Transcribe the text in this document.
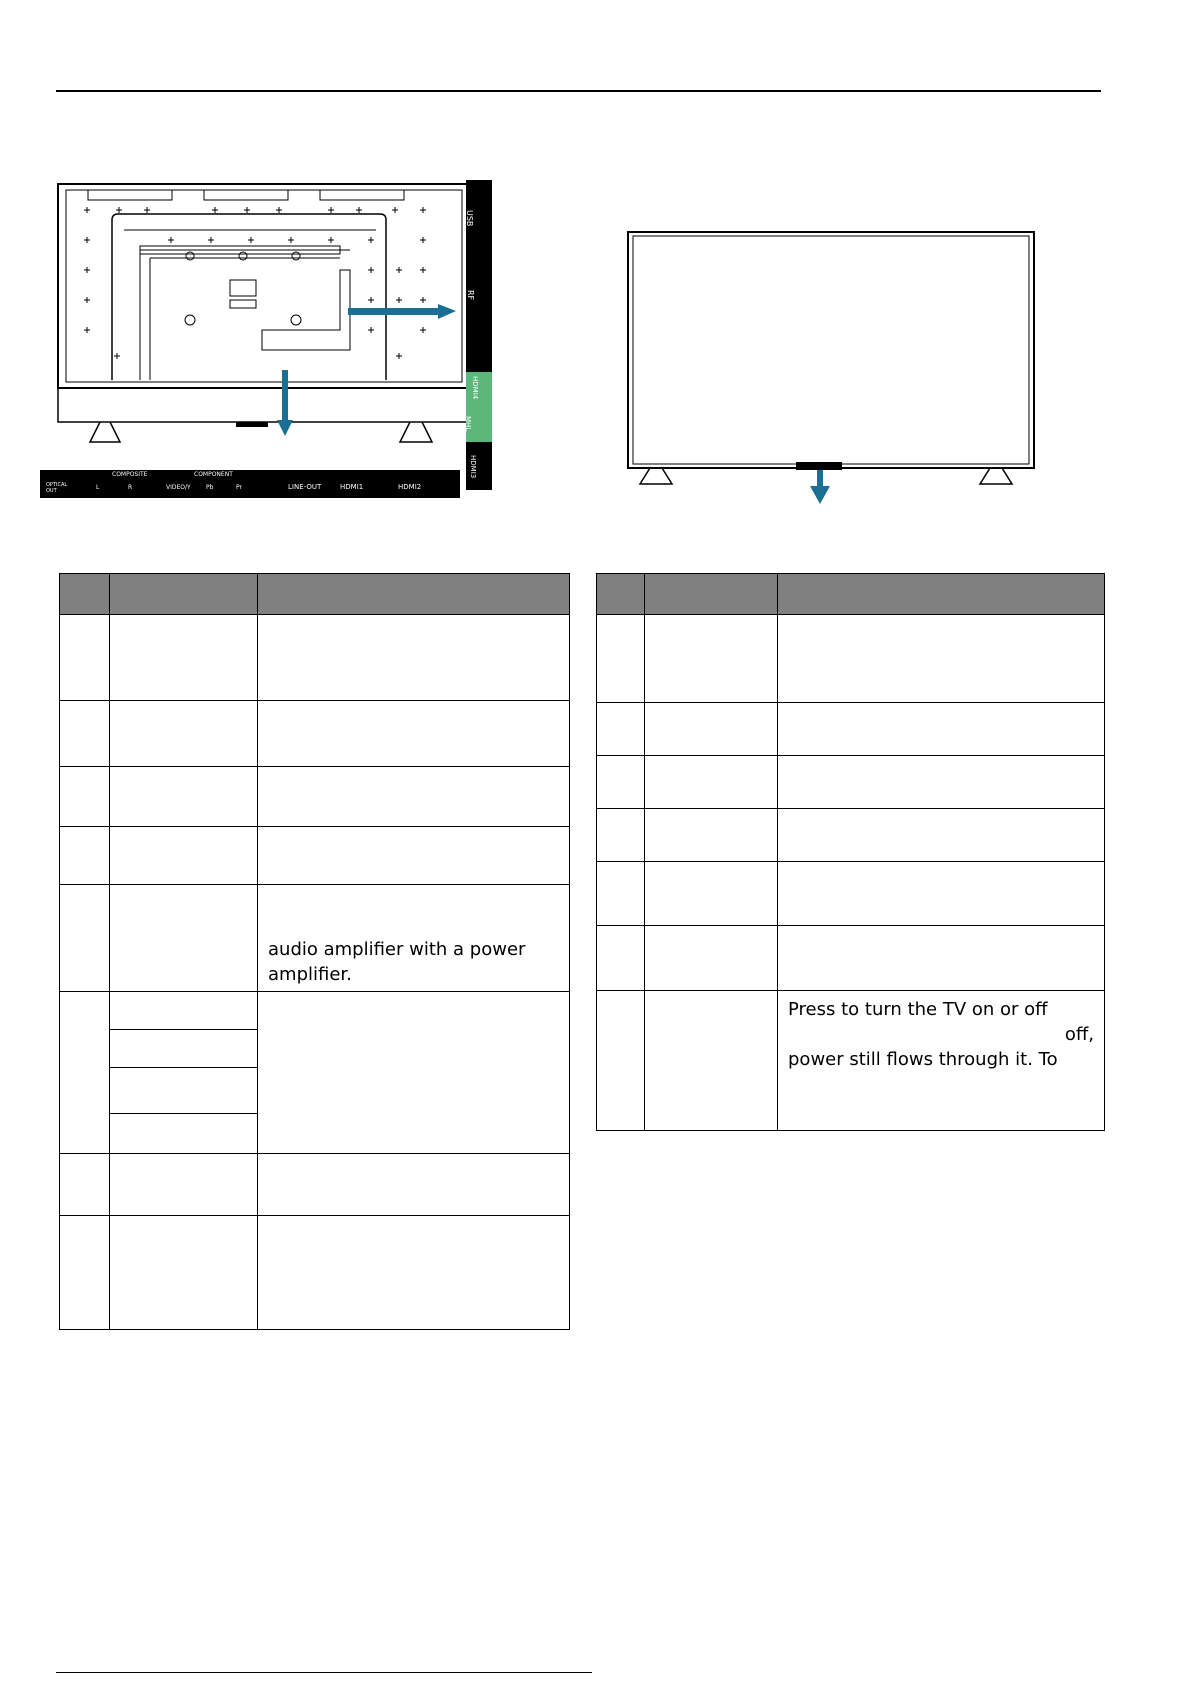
USB
RF
HDMI4
MHL
HDMI3
COMPOSITE	COMPONENT
OPTICAL OUT	L	R	VIDEO/Y	Pb	Pr	LINE-OUT	HDMI1	HDMI2

		audio amplifier with a power
amplifier.

		Press to turn the TV on or off
off,
power still flows through it. To
